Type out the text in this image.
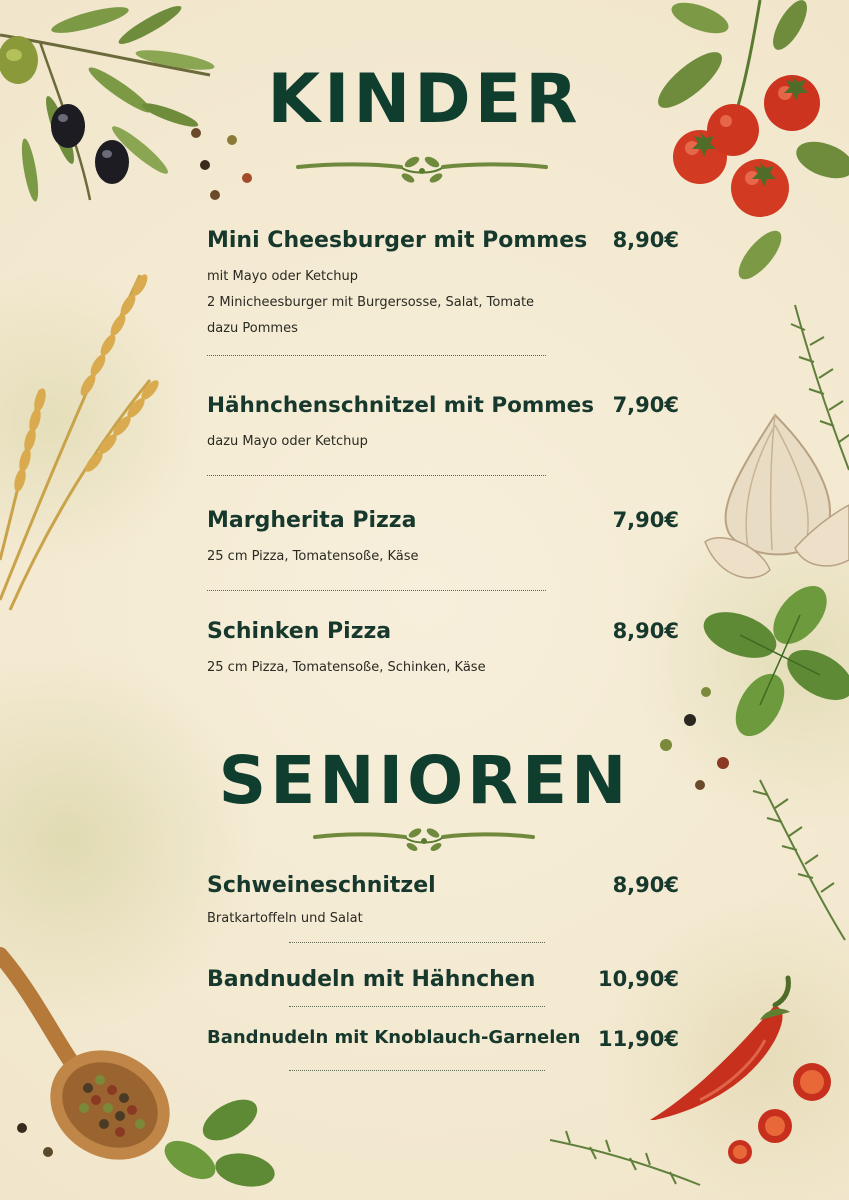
KINDER
Mini Cheesburger mit Pommes 8,90€
mit Mayo oder Ketchup
2 Minicheesburger mit Burgersosse, Salat, Tomate
dazu Pommes
Hähnchenschnitzel mit Pommes 7,90€
dazu Mayo oder Ketchup
Margherita Pizza	7,90€
25 cm Pizza, Tomatensoße, Käse
Schinken Pizza	8,90€
25 cm Pizza, Tomatensoße, Schinken, Käse
SENIOREN
Schweineschnitzel	8,90€
Bratkartoffeln und Salat
Bandnudeln mit Hähnchen	10,90€
Bandnudeln mit Knoblauch-Garnelen 11,90€
